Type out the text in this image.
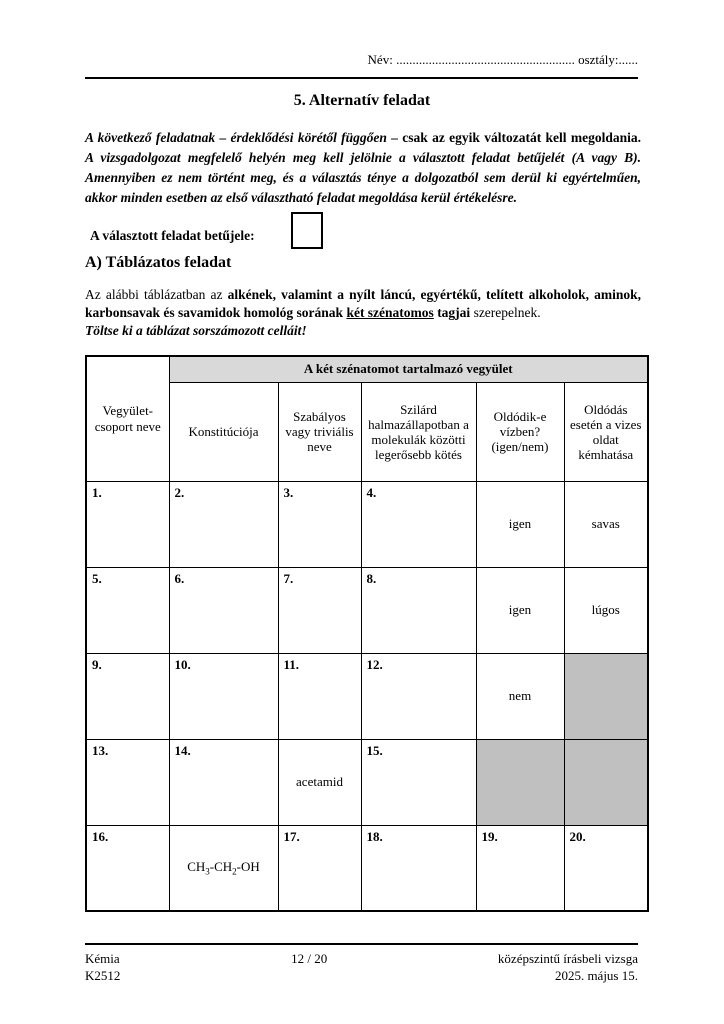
Név: ....................................................... osztály:......
5. Alternatív feladat

A következő feladatnak – érdeklődési körétől függően – csak az egyik változatát kell megoldania. A vizsgadolgozat megfelelő helyén meg kell jelölnie a választott feladat betűjelét (A vagy B). Amennyiben ez nem történt meg, és a választás ténye a dolgozatból sem derül ki egyértelműen, akkor minden esetben az első választható feladat megoldása kerül értékelésre.

A választott feladat betűjele:
A) Táblázatos feladat

Az alábbi táblázatban az alkének, valamint a nyílt láncú, egyértékű, telített alkoholok, aminok, karbonsavak és savamidok homológ sorának két szénatomos tagjai szerepelnek.
Töltse ki a táblázat sorszámozott celláit!

Vegyület-csoport neve	A két szénatomot tartalmazó vegyület				
	Konstitúciója	Szabályos vagy triviális neve	Szilárd halmazállapotban a molekulák közötti legerősebb kötés	Oldódik-e vízben? (igen/nem)	Oldódás esetén a vizes oldat kémhatása
1.	2.	3.	4.	igen	savas
5.	6.	7.	8.	igen	lúgos
9.	10.	11.	12.	nem	
13.	14.	acetamid	15.		
16.	$CH_3-CH_2-OH$	17.	18.	19.	20.
Kémia
K2512
12 / 20	középszintű írásbeli vizsga
2025. május 15.
